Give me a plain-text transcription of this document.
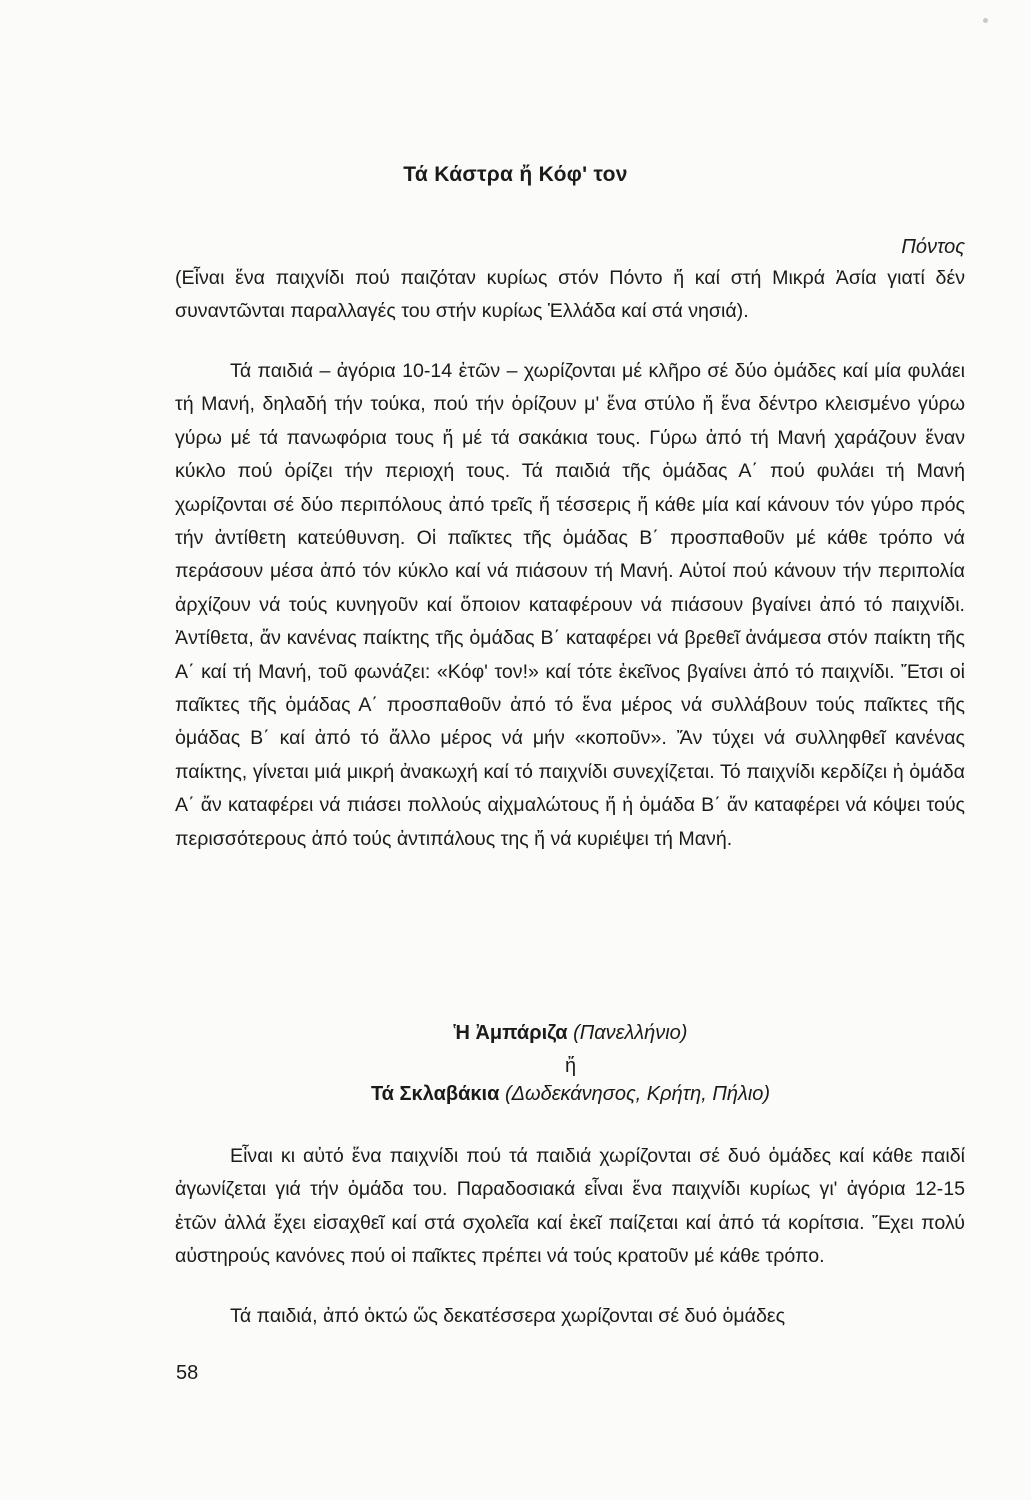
Τά Κάστρα ἤ Κόφ' τον
Πόντος

(Εἶναι ἕνα παιχνίδι πού παιζόταν κυρίως στόν Πόντο ἤ καί στή Μικρά Ἀσία γιατί δέν συναντῶνται παραλλαγές του στήν κυρίως Ἑλλάδα καί στά νησιά).

Τά παιδιά – ἀγόρια 10-14 ἐτῶν – χωρίζονται μέ κλῆρο σέ δύο ὁμάδες καί μία φυλάει τή Μανή, δηλαδή τήν τούκα, πού τήν ὁρίζουν μ' ἕνα στύλο ἤ ἕνα δέντρο κλεισμένο γύρω γύρω μέ τά πανωφόρια τους ἤ μέ τά σακάκια τους. Γύρω ἀπό τή Μανή χαράζουν ἕναν κύκλο πού ὁρίζει τήν περιοχή τους. Τά παιδιά τῆς ὁμάδας Α΄ πού φυλάει τή Μανή χωρίζονται σέ δύο περιπόλους ἀπό τρεῖς ἤ τέσσερις ἤ κάθε μία καί κάνουν τόν γύρο πρός τήν ἀντίθετη κατεύθυνση. Οἱ παῖκτες τῆς ὁμάδας Β΄ προσπαθοῦν μέ κάθε τρόπο νά περάσουν μέσα ἀπό τόν κύκλο καί νά πιάσουν τή Μανή. Αὐτοί πού κάνουν τήν περιπολία ἀρχίζουν νά τούς κυνηγοῦν καί ὅποιον καταφέρουν νά πιάσουν βγαίνει ἀπό τό παιχνίδι. Ἀντίθετα, ἄν κανένας παίκτης τῆς ὁμάδας Β΄ καταφέρει νά βρεθεῖ ἀνάμεσα στόν παίκτη τῆς Α΄ καί τή Μανή, τοῦ φωνάζει: «Κόφ' τον!» καί τότε ἐκεῖνος βγαίνει ἀπό τό παιχνίδι. Ἔτσι οἱ παῖκτες τῆς ὁμάδας Α΄ προσπαθοῦν ἀπό τό ἕνα μέρος νά συλλάβουν τούς παῖκτες τῆς ὁμάδας Β΄ καί ἀπό τό ἄλλο μέρος νά μήν «κοποῦν». Ἄν τύχει νά συλληφθεῖ κανένας παίκτης, γίνεται μιά μικρή ἀνακωχή καί τό παιχνίδι συνεχίζεται. Τό παιχνίδι κερδίζει ἡ ὁμάδα Α΄ ἄν καταφέρει νά πιάσει πολλούς αἰχμαλώτους ἤ ἡ ὁμάδα Β΄ ἄν καταφέρει νά κόψει τούς περισσότερους ἀπό τούς ἀντιπάλους της ἤ νά κυριέψει τή Μανή.

Ἡ Ἀμπάριζα (Πανελλήνιο)
ἤ
Τά Σκλαβάκια (Δωδεκάνησος, Κρήτη, Πήλιο)

Εἶναι κι αὐτό ἕνα παιχνίδι πού τά παιδιά χωρίζονται σέ δυό ὁμάδες καί κάθε παιδί ἀγωνίζεται γιά τήν ὁμάδα του. Παραδοσιακά εἶναι ἕνα παιχνίδι κυρίως γι' ἀγόρια 12-15 ἐτῶν ἀλλά ἔχει εἰσαχθεῖ καί στά σχολεῖα καί ἐκεῖ παίζεται καί ἀπό τά κορίτσια. Ἔχει πολύ αὐστηρούς κανόνες πού οἱ παῖκτες πρέπει νά τούς κρατοῦν μέ κάθε τρόπο.

Τά παιδιά, ἀπό ὀκτώ ὥς δεκατέσσερα χωρίζονται σέ δυό ὁμάδες

58
